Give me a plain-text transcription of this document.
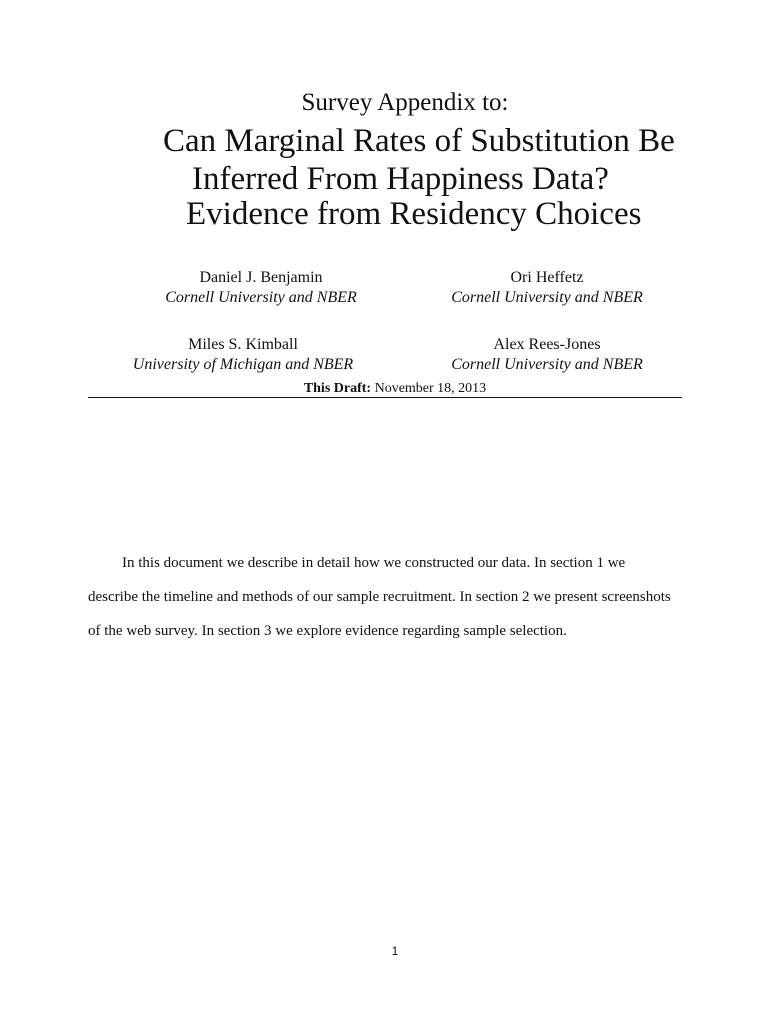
Survey Appendix to:
Can Marginal Rates of Substitution Be
Inferred From Happiness Data?
Evidence from Residency Choices
Daniel J. Benjamin
Cornell University and NBER
Ori Heffetz
Cornell University and NBER
Miles S. Kimball
University of Michigan and NBER
Alex Rees-Jones
Cornell University and NBER
This Draft: November 18, 2013
In this document we describe in detail how we constructed our data. In section 1 we
describe the timeline and methods of our sample recruitment. In section 2 we present screenshots
of the web survey. In section 3 we explore evidence regarding sample selection.
1
